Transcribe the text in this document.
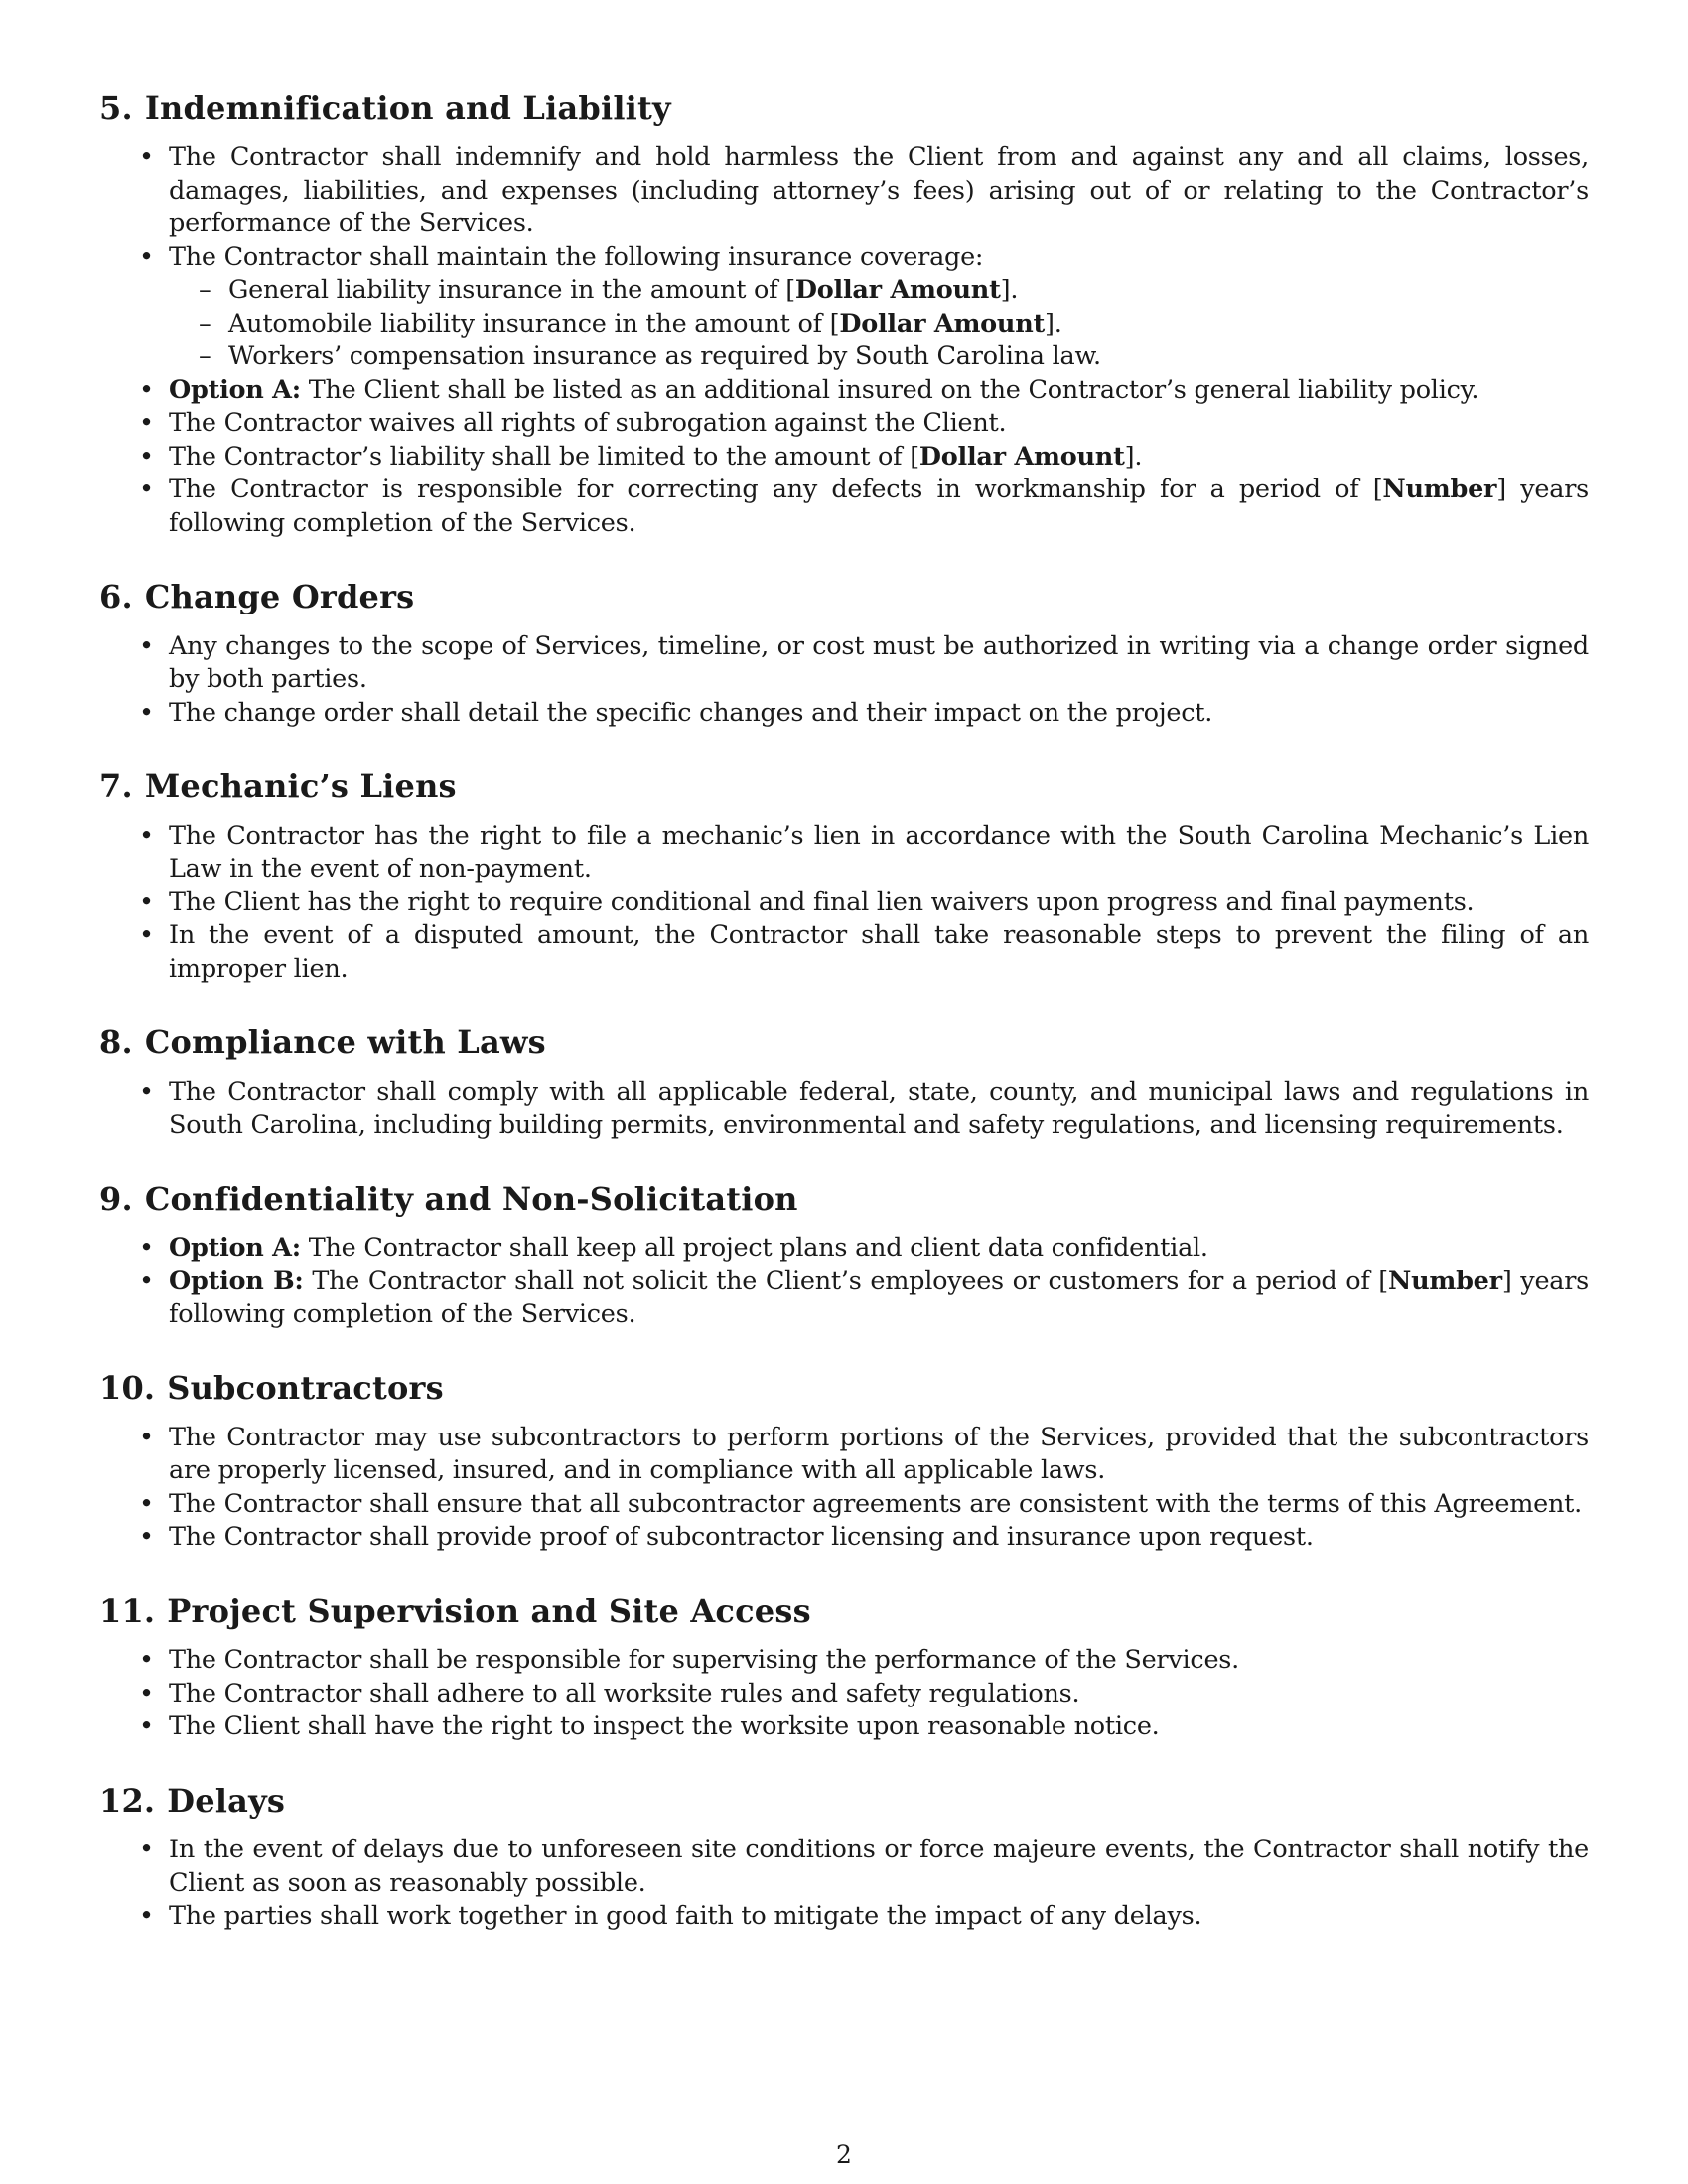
5. Indemnification and Liability
• The Contractor shall indemnify and hold harmless the Client from and against any and all claims, losses, damages, liabilities, and expenses (including attorney’s fees) arising out of or relating to the Contractor’s performance of the Services.
• The Contractor shall maintain the following insurance coverage:
– General liability insurance in the amount of [Dollar Amount].
– Automobile liability insurance in the amount of [Dollar Amount].
– Workers’ compensation insurance as required by South Carolina law.
• Option A: The Client shall be listed as an additional insured on the Contractor’s general liability policy.
• The Contractor waives all rights of subrogation against the Client.
• The Contractor’s liability shall be limited to the amount of [Dollar Amount].
• The Contractor is responsible for correcting any defects in workmanship for a period of [Number] years following completion of the Services.
6. Change Orders
• Any changes to the scope of Services, timeline, or cost must be authorized in writing via a change order signed by both parties.
• The change order shall detail the specific changes and their impact on the project.
7. Mechanic’s Liens
• The Contractor has the right to file a mechanic’s lien in accordance with the South Carolina Mechanic’s Lien Law in the event of non-payment.
• The Client has the right to require conditional and final lien waivers upon progress and final payments.
• In the event of a disputed amount, the Contractor shall take reasonable steps to prevent the filing of an improper lien.
8. Compliance with Laws
• The Contractor shall comply with all applicable federal, state, county, and municipal laws and regulations in South Carolina, including building permits, environmental and safety regulations, and licensing requirements.
9. Confidentiality and Non-Solicitation
• Option A: The Contractor shall keep all project plans and client data confidential.
• Option B: The Contractor shall not solicit the Client’s employees or customers for a period of [Number] years following completion of the Services.
10. Subcontractors
• The Contractor may use subcontractors to perform portions of the Services, provided that the subcontractors are properly licensed, insured, and in compliance with all applicable laws.
• The Contractor shall ensure that all subcontractor agreements are consistent with the terms of this Agreement.
• The Contractor shall provide proof of subcontractor licensing and insurance upon request.
11. Project Supervision and Site Access
• The Contractor shall be responsible for supervising the performance of the Services.
• The Contractor shall adhere to all worksite rules and safety regulations.
• The Client shall have the right to inspect the worksite upon reasonable notice.
12. Delays
• In the event of delays due to unforeseen site conditions or force majeure events, the Contractor shall notify the Client as soon as reasonably possible.
• The parties shall work together in good faith to mitigate the impact of any delays.
2
